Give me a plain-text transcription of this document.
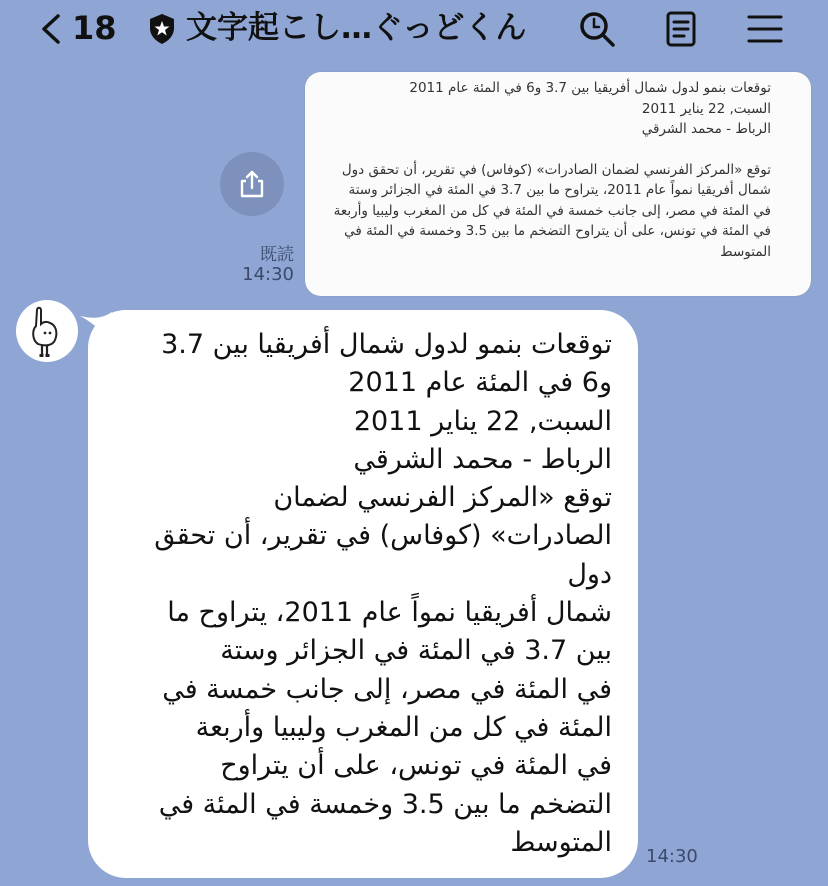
18 文字起こし…ぐっどくん

توقعات بنمو لدول شمال أفريقيا بين 3.7 و6 في المئة عام 2011

السبت, 22 يناير 2011

الرباط - محمد الشرقي

توقع «المركز الفرنسي لضمان الصادرات» (كوفاس) في تقرير، أن تحقق دول

شمال أفريقيا نمواً عام 2011، يتراوح ما بين 3.7 في المئة في الجزائر وستة

في المئة في مصر، إلى جانب خمسة في المئة في كل من المغرب وليبيا وأربعة

في المئة في تونس، على أن يتراوح التضخم ما بين 3.5 وخمسة في المئة في

المتوسط

既読
14:30

توقعات بنمو لدول شمال أفريقيا بين 3.7

و6 في المئة عام 2011

السبت, 22 يناير 2011

الرباط - محمد الشرقي

توقع «المركز الفرنسي لضمان

الصادرات» (كوفاس) في تقرير، أن تحقق

دول

شمال أفريقيا نمواً عام 2011، يتراوح ما

بين 3.7 في المئة في الجزائر وستة

في المئة في مصر، إلى جانب خمسة في

المئة في كل من المغرب وليبيا وأربعة

في المئة في تونس، على أن يتراوح

التضخم ما بين 3.5 وخمسة في المئة في

المتوسط 14:30
